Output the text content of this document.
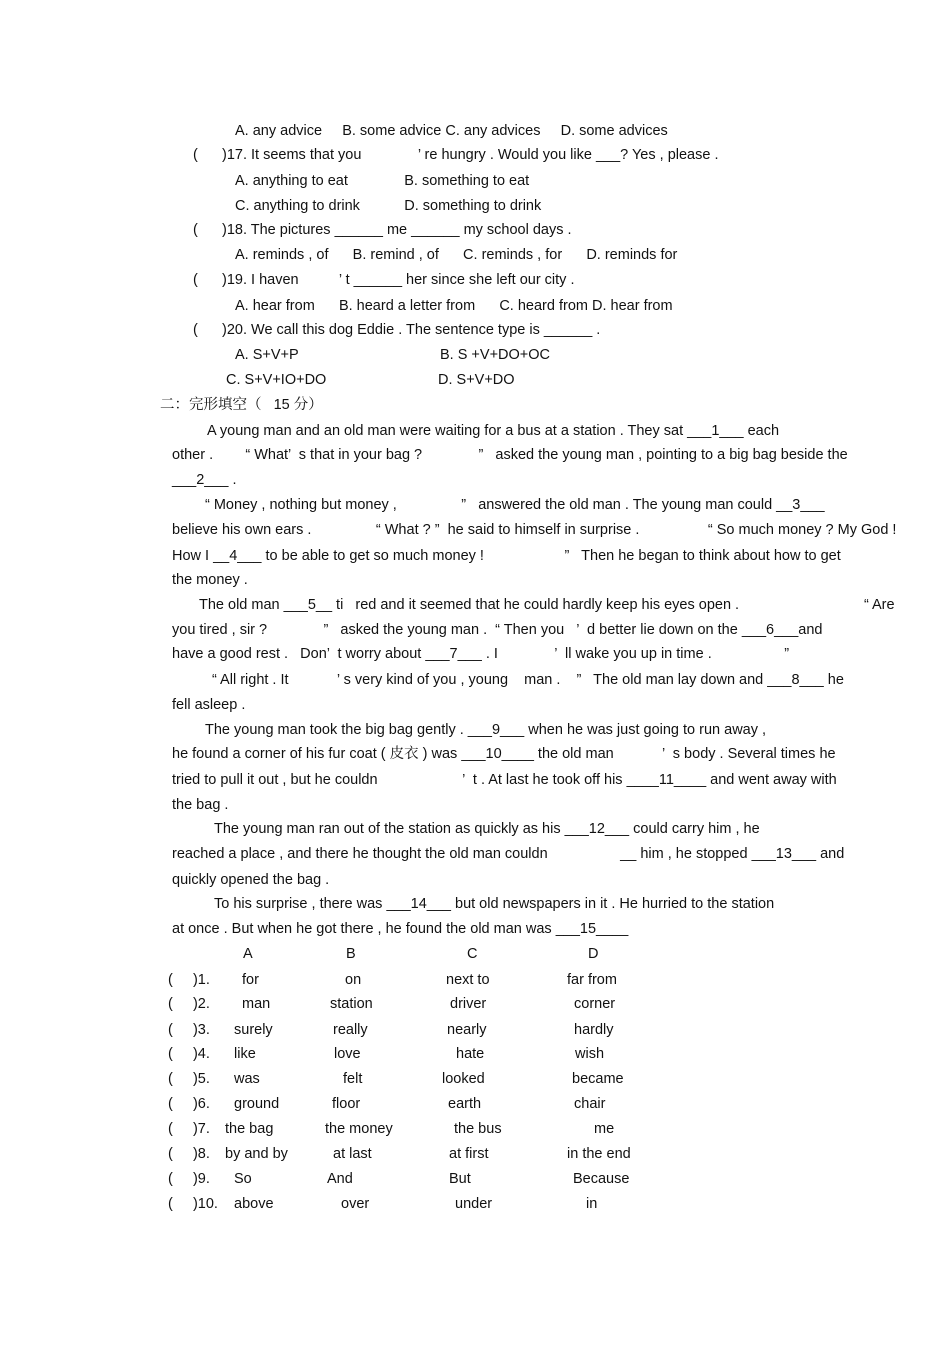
A. any advice     B. some advice C. any advices     D. some advices
(      )17. It seems that you              ’ re hungry . Would you like ___? Yes , please .
A. anything to eat              B. something to eat
C. anything to drink           D. something to drink
(      )18. The pictures ______ me ______ my school days .
A. reminds , of      B. remind , of      C. reminds , for      D. reminds for
(      )19. I haven          ’ t ______ her since she left our city .
A. hear from      B. heard a letter from      C. heard from D. hear from
(      )20. We call this dog Eddie . The sentence type is ______ .
A. S+V+P	B. S +V+DO+OC
C. S+V+IO+DO	D. S+V+DO
二：完形填空（   15 分）
A young man and an old man were waiting for a bus at a station . They sat ___1___ each
other .        “ What’  s that in your bag ?              ”   asked the young man , pointing to a big bag beside the
___2___ .
“ Money , nothing but money ,                ”   answered the old man . The young man could __3___
believe his own ears .                “ What ? ”  he said to himself in surprise .                 “ So much money ? My God !
How I __4___ to be able to get so much money !                    ”   Then he began to think about how to get
the money .
The old man ___5__ ti   red and it seemed that he could hardly keep his eyes open .                               “ Are
you tired , sir ?              ”   asked the young man .  “ Then you   ’  d better lie down on the ___6___and
have a good rest .   Don’  t worry about ___7___ . I              ’  ll wake you up in time .                  ”
“ All right . It            ’ s very kind of you , young    man .    ”   The old man lay down and ___8___ he
fell asleep .
The young man took the big bag gently . ___9___ when he was just going to run away ,
he found a corner of his fur coat ( 皮衣 ) was ___10____ the old man            ’  s body . Several times he
tried to pull it out , but he couldn                     ’  t . At last he took off his ____11____ and went away with
the bag .
The young man ran out of the station as quickly as his ___12___ could carry him , he
reached a place , and there he thought the old man couldn                  __ him , he stopped ___13___ and
quickly opened the bag .
To his surprise , there was ___14___ but old newspapers in it . He hurried to the station
at once . But when he got there , he found the old man was ___15____
A	B	C	D
(     )1. for	on	next to	far from
(     )2. man	station	driver	corner
(     )3. surely	really	nearly	hardly
(     )4. like	love	hate	wish
(     )5. was	felt	looked	became
(     )6. ground	floor	earth	chair
(     )7. the bag	the money	the bus	me
(     )8. by and by	at last	at first	in the end
(     )9. So	And	But	Because
(     )10. above	over	under	in
